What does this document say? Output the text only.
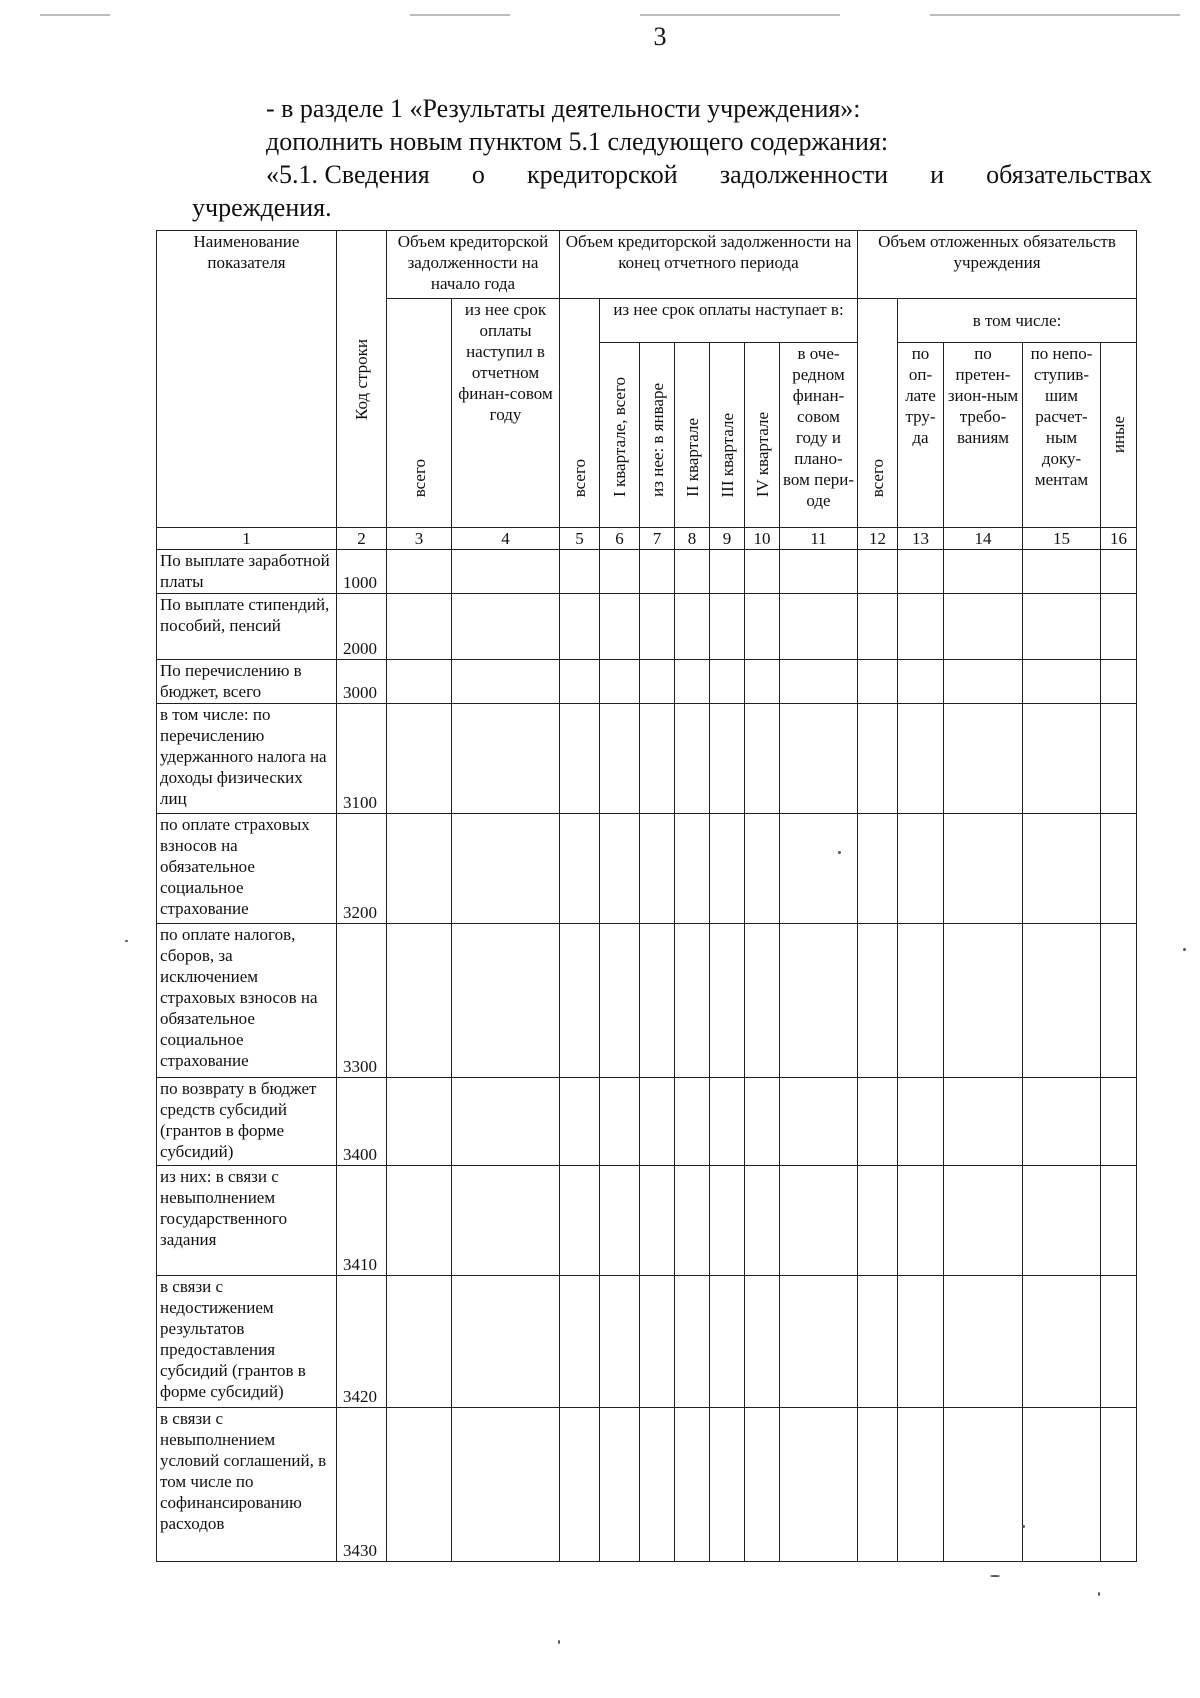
3

- в разделе 1 «Результаты деятельности учреждения»:

дополнить новым пунктом 5.1 следующего содержания:

«5.1. Сведения о кредиторской задолженности и обязательствах

учреждения.

Наименование показателя	Код строки	Объем кредиторской задолженности на начало года		Объем кредиторской задолженности на конец отчетного периода							Объем отложенных обязательств учреждения				

		всего	из нее срок оплаты наступил в отчетном финан-совом году	всего	из нее срок оплаты наступает в:						всего	в том числе:			

					I квартале, всего	из нее: в январе	II квартале	III квартале	IV квартале	в оче-редном финан-совом году и плано-вом пери-оде		по оп-лате тру-да	по претен-зион-ным требо-ваниям	по непо-ступив-шим расчет-ным доку-ментам	иные

1	2	3	4	5	6	7	8	9	10	11	12	13	14	15	16
По выплате заработной платы	1000														
По выплате стипендий, пособий, пенсий	2000														
По перечислению в бюджет, всего	3000														
в том числе: по перечислению удержанного налога на доходы физических лиц	3100														
по оплате страховых взносов на обязательное социальное страхование	3200														
по оплате налогов, сборов, за исключением страховых взносов на обязательное социальное страхование	3300														
по возврату в бюджет средств субсидий (грантов в форме субсидий)	3400														
из них: в связи с невыполнением государственного задания	3410														
в связи с недостижением результатов предоставления субсидий (грантов в форме субсидий)	3420														
в связи с невыполнением условий соглашений, в том числе по софинансированию расходов	3430														
